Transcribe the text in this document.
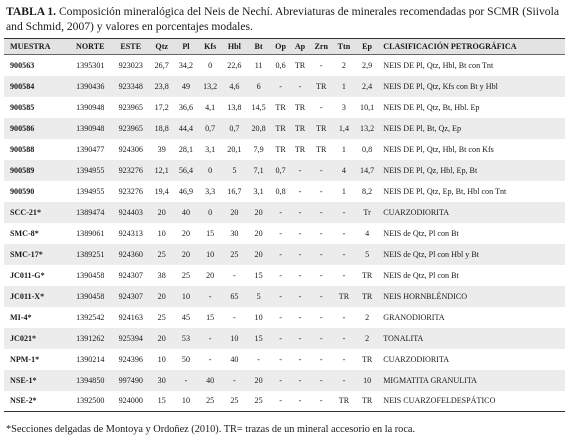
TABLA 1. Composición mineralógica del Neis de Nechí. Abreviaturas de minerales recomendadas por SCMR (Siivola and Schmid, 2007) y valores en porcentajes modales.
MUESTRA	NORTE	ESTE	Qtz	Pl	Kfs	Hbl	Bt	Op	Ap	Zrn	Ttn	Ep	CLASIFICACIÓN PETROGRÁFICA
900563	1395301	923023	26,7	34,2	0	22,6	11	0,6	TR	-	2	2,9	NEIS DE Pl, Qtz, Hbl, Bt con Tnt
900584	1390436	923348	23,8	49	13,2	4,6	6	-	-	TR	1	2,4	NEIS DE Pl, Qtz, Kfs con Bt y Hbl
900585	1390948	923965	17,2	36,6	4,1	13,8	14,5	TR	TR	-	3	10,1	NEIS DE Pl, Qtz, Bt, Hbl. Ep
900586	1390948	923965	18,8	44,4	0,7	0,7	20,8	TR	TR	TR	1,4	13,2	NEIS DE Pl, Bt, Qz, Ep
900588	1390477	924306	39	28,1	3,1	20,1	7,9	TR	TR	TR	1	0,8	NEIS DE Pl, Qtz, Hbl, Bt con Kfs
900589	1394955	923276	12,1	56,4	0	5	7,1	0,7	-	-	4	14,7	NEIS DE Pl, Qz, Hbl, Ep, Bt
900590	1394955	923276	19,4	46,9	3,3	16,7	3,1	0,8	-	-	1	8,2	NEIS DE Pl, Qtz, Ep, Bt, Hbl con Tnt
SCC-21*	1389474	924403	20	40	0	20	20	-	-	-	-	Tr	CUARZODIORITA
SMC-8*	1389061	924313	10	20	15	30	20	-	-	-	-	4	NEIS de Qtz, Pl con Bt
SMC-17*	1389251	924360	25	20	10	25	20	-	-	-	-	5	NEIS de Qtz, Pl con Hbl y Bt
JC011-G*	1390458	924307	38	25	20	-	15	-	-	-	-	TR	NEIS de Qtz, Pl con Bt
JC011-X*	1390458	924307	20	10	-	65	5	-	-	-	TR	TR	NEIS HORNBLÉNDICO
MI-4*	1392542	924163	25	45	15	-	10	-	-	-	-	2	GRANODIORITA
JC021*	1391262	925394	20	53	-	10	15	-	-	-	-	2	TONALITA
NPM-1*	1390214	924396	10	50	-	40	-	-	-	-	-	TR	CUARZODIORITA
NSE-1*	1394850	997490	30	-	40	-	20	-	-	-	-	10	MIGMATITA GRANULITA
NSE-2*	1392500	924000	15	10	25	25	25	-	-	-	TR	TR	NEIS CUARZOFELDESPÁTICO
*Secciones delgadas de Montoya y Ordoñez (2010). TR= trazas de un mineral accesorio en la roca.
